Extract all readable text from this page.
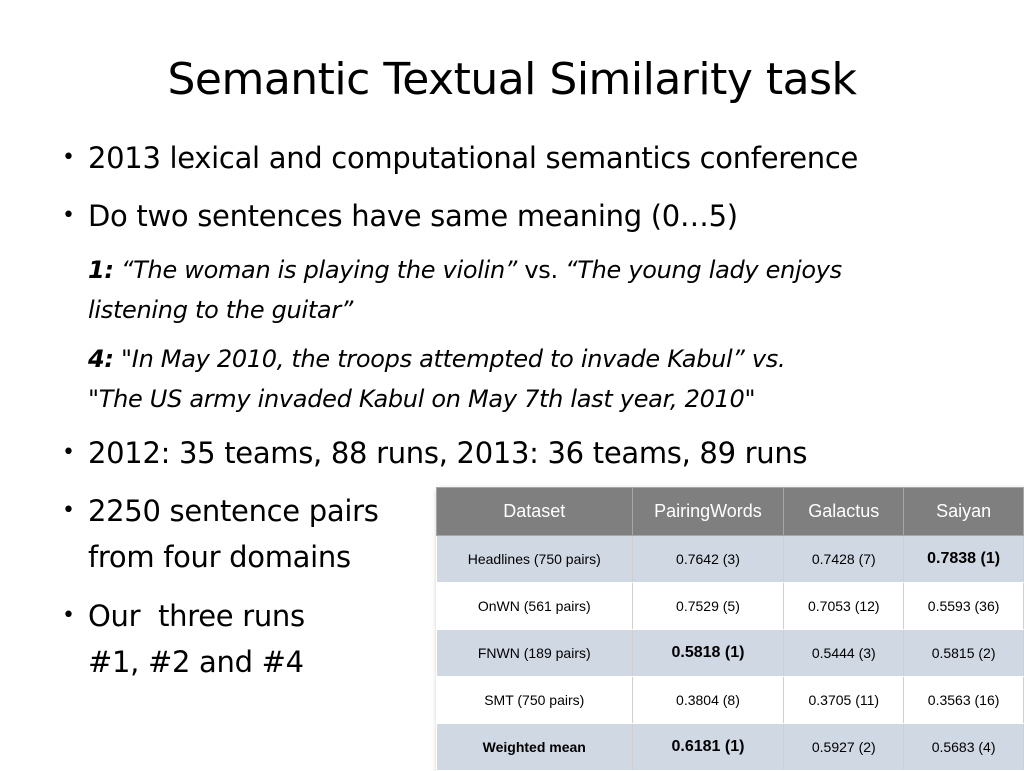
Semantic Textual Similarity task
• 2013 lexical and computational semantics conference
• Do two sentences have same meaning (0…5)
1: “The woman is playing the violin” vs. “The young lady enjoys
listening to the guitar”
4: "In May 2010, the troops attempted to invade Kabul” vs.
"The US army invaded Kabul on May 7th last year, 2010"
• 2012: 35 teams, 88 runs, 2013: 36 teams, 89 runs
• 2250 sentence pairs
from four domains
• Our  three runs
#1, #2 and #4
Dataset	PairingWords	Galactus	Saiyan
Headlines (750 pairs)	0.7642 (3)	0.7428 (7)	0.7838 (1)
OnWN (561 pairs)	0.7529 (5)	0.7053 (12)	0.5593 (36)
FNWN (189 pairs)	0.5818 (1)	0.5444 (3)	0.5815 (2)
SMT (750 pairs)	0.3804 (8)	0.3705 (11)	0.3563 (16)
Weighted mean	0.6181 (1)	0.5927 (2)	0.5683 (4)
